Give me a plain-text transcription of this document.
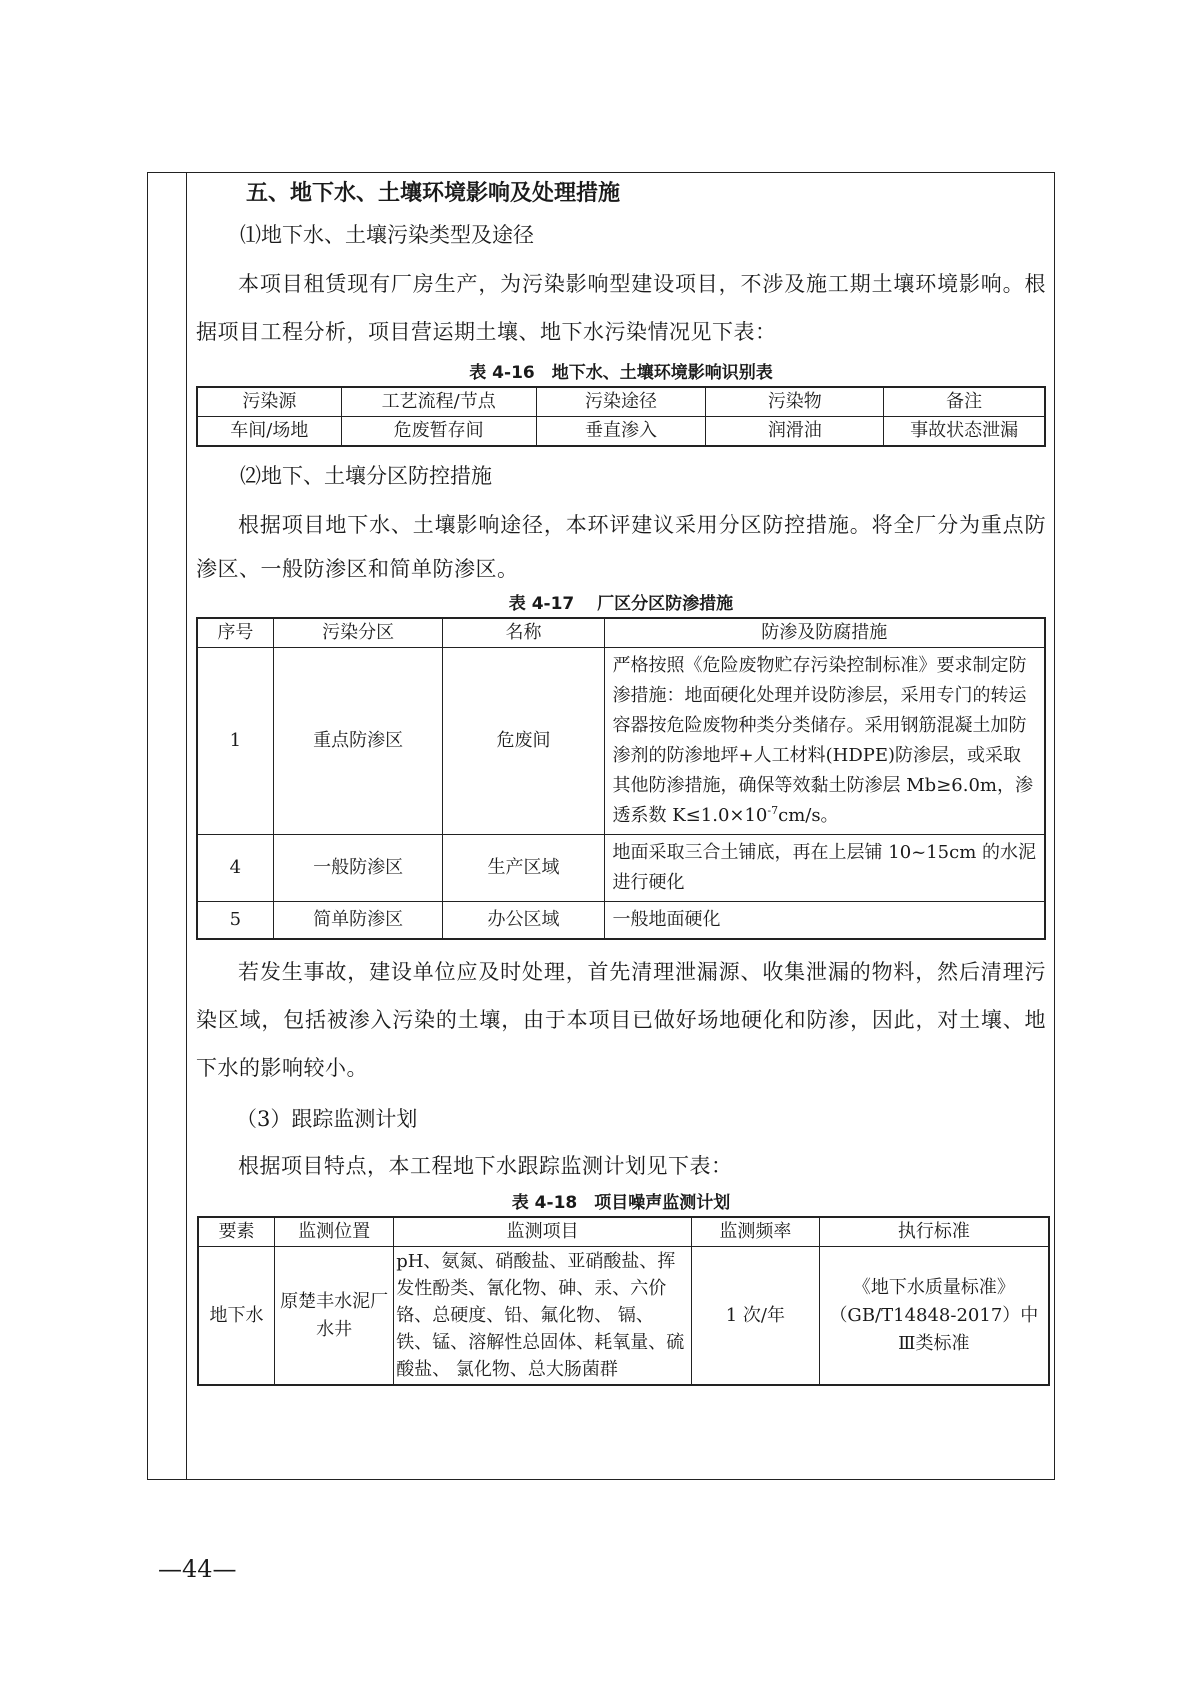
五、地下水、土壤环境影响及处理措施

⑴地下水、土壤污染类型及途径

本项目租赁现有厂房生产，为污染影响型建设项目，不涉及施工期土壤环境影响。根据项目工程分析，项目营运期土壤、地下水污染情况见下表：

表 4-16　地下水、土壤环境影响识别表

污染源	工艺流程/节点	污染途径	污染物	备注
车间/场地	危废暂存间	垂直渗入	润滑油	事故状态泄漏

⑵地下、土壤分区防控措施

根据项目地下水、土壤影响途径，本环评建议采用分区防控措施。将全厂分为重点防渗区、一般防渗区和简单防渗区。

表 4-17　 厂区分区防渗措施

序号	污染分区	名称	防渗及防腐措施
1	重点防渗区	危废间	严格按照《危险废物贮存污染控制标准》要求制定防渗措施：地面硬化处理并设防渗层，采用专门的转运容器按危险废物种类分类储存。采用钢筋混凝土加防渗剂的防渗地坪+人工材料(HDPE)防渗层，或采取其他防渗措施，确保等效黏土防渗层 Mb≥6.0m，渗透系数 $K\le 1.0\times 10^{-7}cm/s$。
4	一般防渗区	生产区域	地面采取三合土铺底，再在上层铺 10~15cm 的水泥进行硬化
5	简单防渗区	办公区域	一般地面硬化

若发生事故，建设单位应及时处理，首先清理泄漏源、收集泄漏的物料，然后清理污染区域，包括被渗入污染的土壤，由于本项目已做好场地硬化和防渗，因此，对土壤、地下水的影响较小。

（3）跟踪监测计划

根据项目特点，本工程地下水跟踪监测计划见下表：

表 4-18　项目噪声监测计划

要素	监测位置	监测项目	监测频率	执行标准
地下水	原楚丰水泥厂水井	pH、氨氮、硝酸盐、亚硝酸盐、挥发性酚类、氰化物、砷、汞、六价铬、总硬度、铅、氟化物、 镉、铁、锰、溶解性总固体、耗氧量、硫酸盐、 氯化物、总大肠菌群	1 次/年	《地下水质量标准》（GB/T14848-2017）中Ⅲ类标准
—44—
